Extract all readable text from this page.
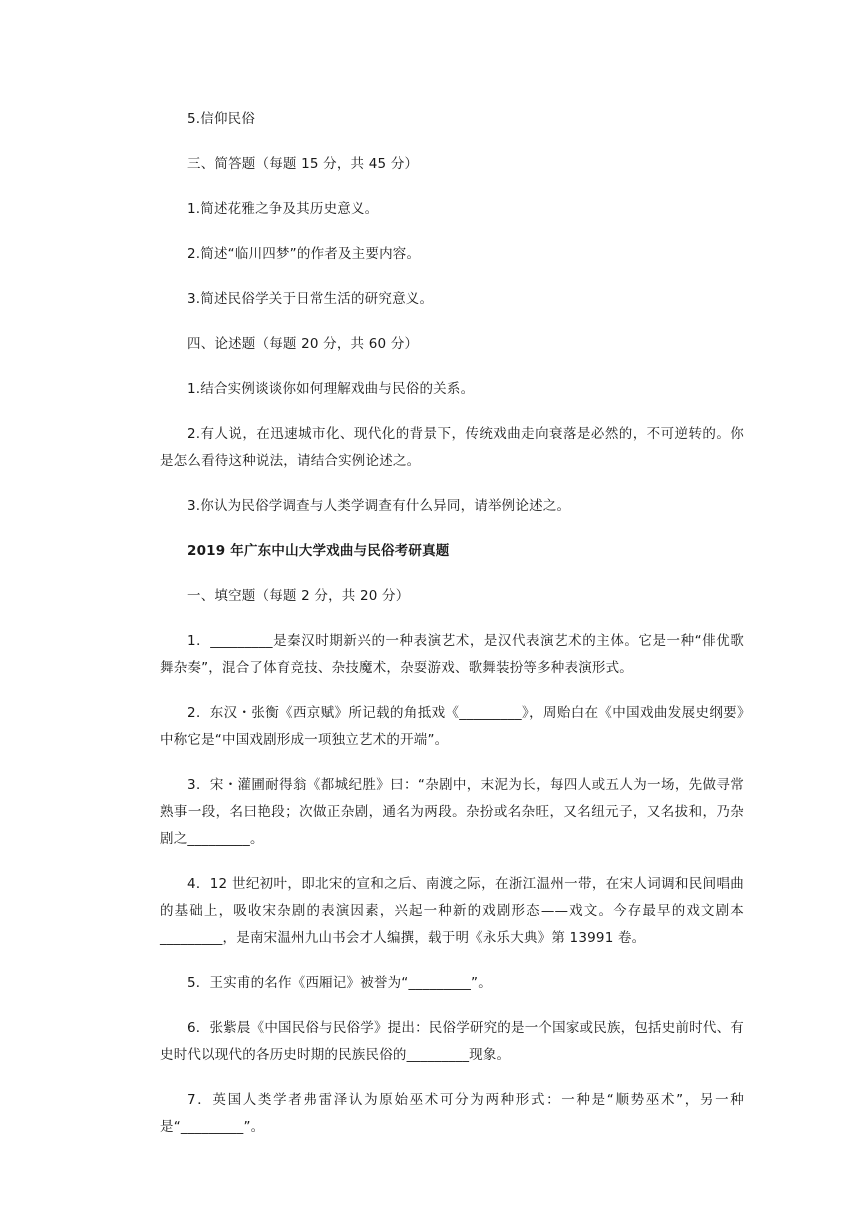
5.信仰民俗

三、简答题（每题 15 分，共 45 分）

1.简述花雅之争及其历史意义。

2.简述“临川四梦”的作者及主要内容。

3.简述民俗学关于日常生活的研究意义。

四、论述题（每题 20 分，共 60 分）

1.结合实例谈谈你如何理解戏曲与民俗的关系。

2.有人说，在迅速城市化、现代化的背景下，传统戏曲走向衰落是必然的，不可逆转的。你是怎么看待这种说法，请结合实例论述之。

3.你认为民俗学调查与人类学调查有什么异同，请举例论述之。

2019 年广东中山大学戏曲与民俗考研真题

一、填空题（每题 2 分，共 20 分）

1．_________是秦汉时期新兴的一种表演艺术，是汉代表演艺术的主体。它是一种“俳优歌舞杂奏”，混合了体育竞技、杂技魔术，杂耍游戏、歌舞装扮等多种表演形式。

2．东汉・张衡《西京赋》所记载的角抵戏《_________》，周贻白在《中国戏曲发展史纲要》中称它是“中国戏剧形成一项独立艺术的开端”。

3．宋・灌圃耐得翁《都城纪胜》曰：“杂剧中，末泥为长，每四人或五人为一场，先做寻常熟事一段，名曰艳段；次做正杂剧，通名为两段。杂扮或名杂旺，又名纽元子，又名拔和，乃杂剧之_________。

4．12 世纪初叶，即北宋的宣和之后、南渡之际，在浙江温州一带，在宋人词调和民间唱曲的基础上，吸收宋杂剧的表演因素，兴起一种新的戏剧形态——戏文。今存最早的戏文剧本_________，是南宋温州九山书会才人编撰，载于明《永乐大典》第 13991 卷。

5．王实甫的名作《西厢记》被誉为“_________”。

6．张紫晨《中国民俗与民俗学》提出：民俗学研究的是一个国家或民族，包括史前时代、有史时代以现代的各历史时期的民族民俗的_________现象。

7．英国人类学者弗雷泽认为原始巫术可分为两种形式：一种是“顺势巫术”，另一种是“_________”。
